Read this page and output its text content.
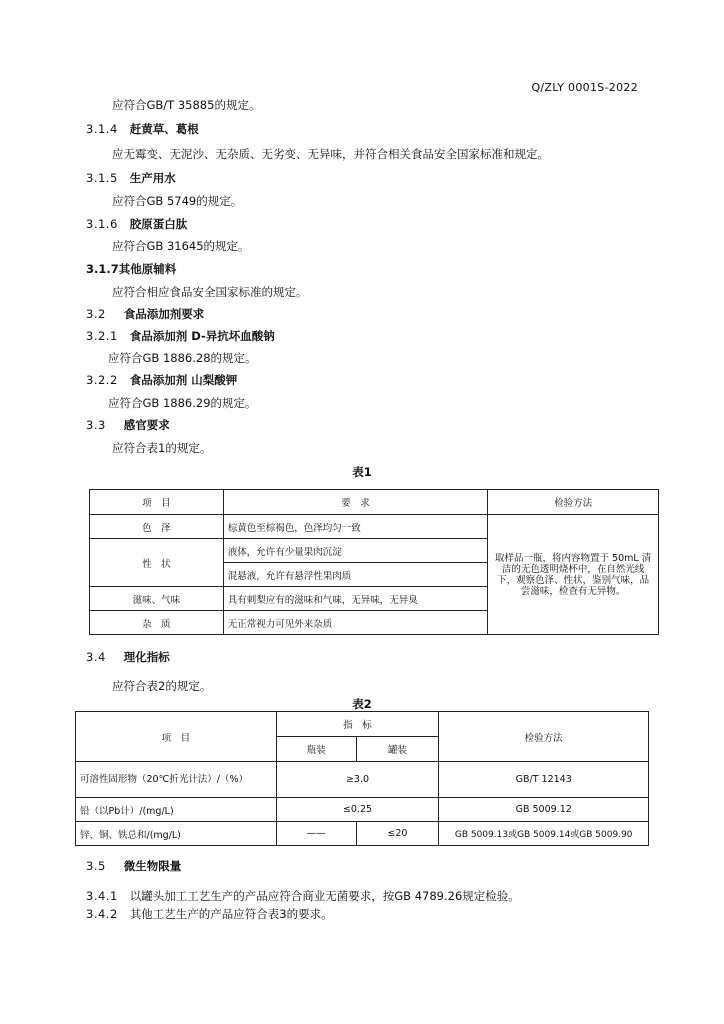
Q/ZLY 0001S-2022
应符合GB/T 35885的规定。
3.1.4 赶黄草、葛根
应无霉变、无泥沙、无杂质、无劣变、无异味，并符合相关食品安全国家标准和规定。
3.1.5 生产用水
应符合GB 5749的规定。
3.1.6 胶原蛋白肽
应符合GB 31645的规定。
3.1.7其他原辅料
应符合相应食品安全国家标准的规定。
3.2 食品添加剂要求
3.2.1 食品添加剂 D-异抗坏血酸钠
应符合GB 1886.28的规定。
3.2.2 食品添加剂 山梨酸钾
应符合GB 1886.29的规定。
3.3 感官要求
应符合表1的规定。
表1
项　目	要　求	检验方法
色　泽	棕黄色至棕褐色，色泽均匀一致	取样品一瓶，将内容物置于 50mL 清洁的无色透明烧杯中，在自然光线下，观察色泽、性状，鉴别气味，品尝滋味，检查有无异物。
性　状	液体，允许有少量果肉沉淀	
	混悬液，允许有悬浮性果肉质	
滋味、气味	具有刺梨应有的滋味和气味，无异味，无异臭	
杂　质	无正常视力可见外来杂质	
3.4 理化指标
应符合表2的规定。
表2
项　目	指　标		检验方法
	瓶装	罐装	
可溶性固形物（20℃折光计法）/（%）	≥3.0		GB/T 12143
铅（以Pb计）/(mg/L)	≤0.25		GB 5009.12
锌、铜、铁总和/(mg/L)	——	≤20	GB 5009.13或GB 5009.14或GB 5009.90
3.5 微生物限量
3.4.1 以罐头加工工艺生产的产品应符合商业无菌要求，按GB 4789.26规定检验。
3.4.2 其他工艺生产的产品应符合表3的要求。
